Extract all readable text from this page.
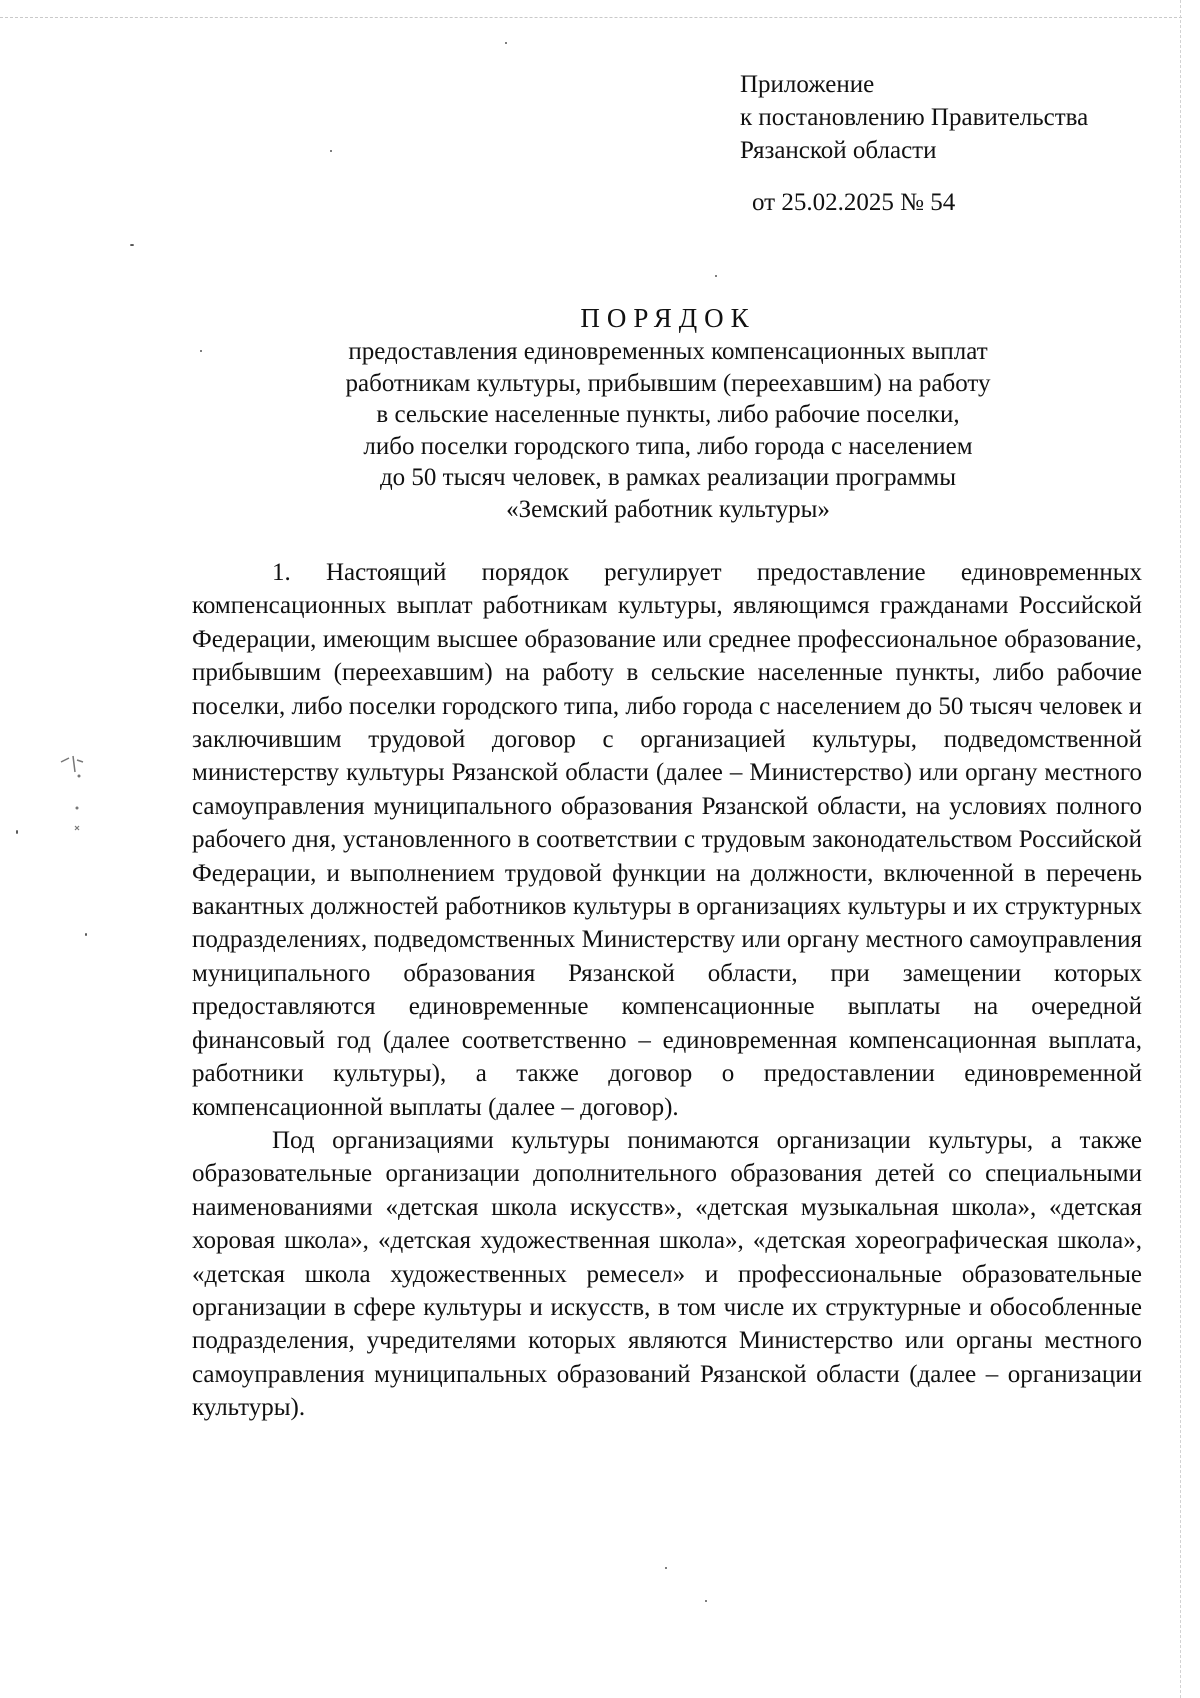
Приложение
к постановлению Правительства
Рязанской области
от 25.02.2025 № 54
ПОРЯДОК
предоставления единовременных компенсационных выплат
работникам культуры, прибывшим (переехавшим) на работу
в сельские населенные пункты, либо рабочие поселки,
либо поселки городского типа, либо города с населением
до 50 тысяч человек, в рамках реализации программы
«Земский работник культуры»

1. Настоящий порядок регулирует предоставление единовременных компенсационных выплат работникам культуры, являющимся гражданами Российской Федерации, имеющим высшее образование или среднее профессиональное образование, прибывшим (переехавшим) на работу в сельские населенные пункты, либо рабочие поселки, либо поселки городского типа, либо города с населением до 50 тысяч человек и заключившим трудовой договор с организацией культуры, подведомственной министерству культуры Рязанской области (далее – Министерство) или органу местного самоуправления муниципального образования Рязанской области, на условиях полного рабочего дня, установленного в соответствии с трудовым законодательством Российской Федерации, и выполнением трудовой функции на должности, включенной в перечень вакантных должностей работников культуры в организациях культуры и их структурных подразделениях, подведомственных Министерству или органу местного самоуправления муниципального образования Рязанской области, при замещении которых предоставляются единовременные компенсационные выплаты на очередной финансовый год (далее соответственно – единовременная компенсационная выплата, работники культуры), а также договор о предоставлении единовременной компенсационной выплаты (далее – договор).

Под организациями культуры понимаются организации культуры, а также образовательные организации дополнительного образования детей со специальными наименованиями «детская школа искусств», «детская музыкальная школа», «детская хоровая школа», «детская художественная школа», «детская хореографическая школа», «детская школа художественных ремесел» и профессиональные образовательные организации в сфере культуры и искусств, в том числе их структурные и обособленные подразделения, учредителями которых являются Министерство или органы местного самоуправления муниципальных образований Рязанской области (далее – организации культуры).
